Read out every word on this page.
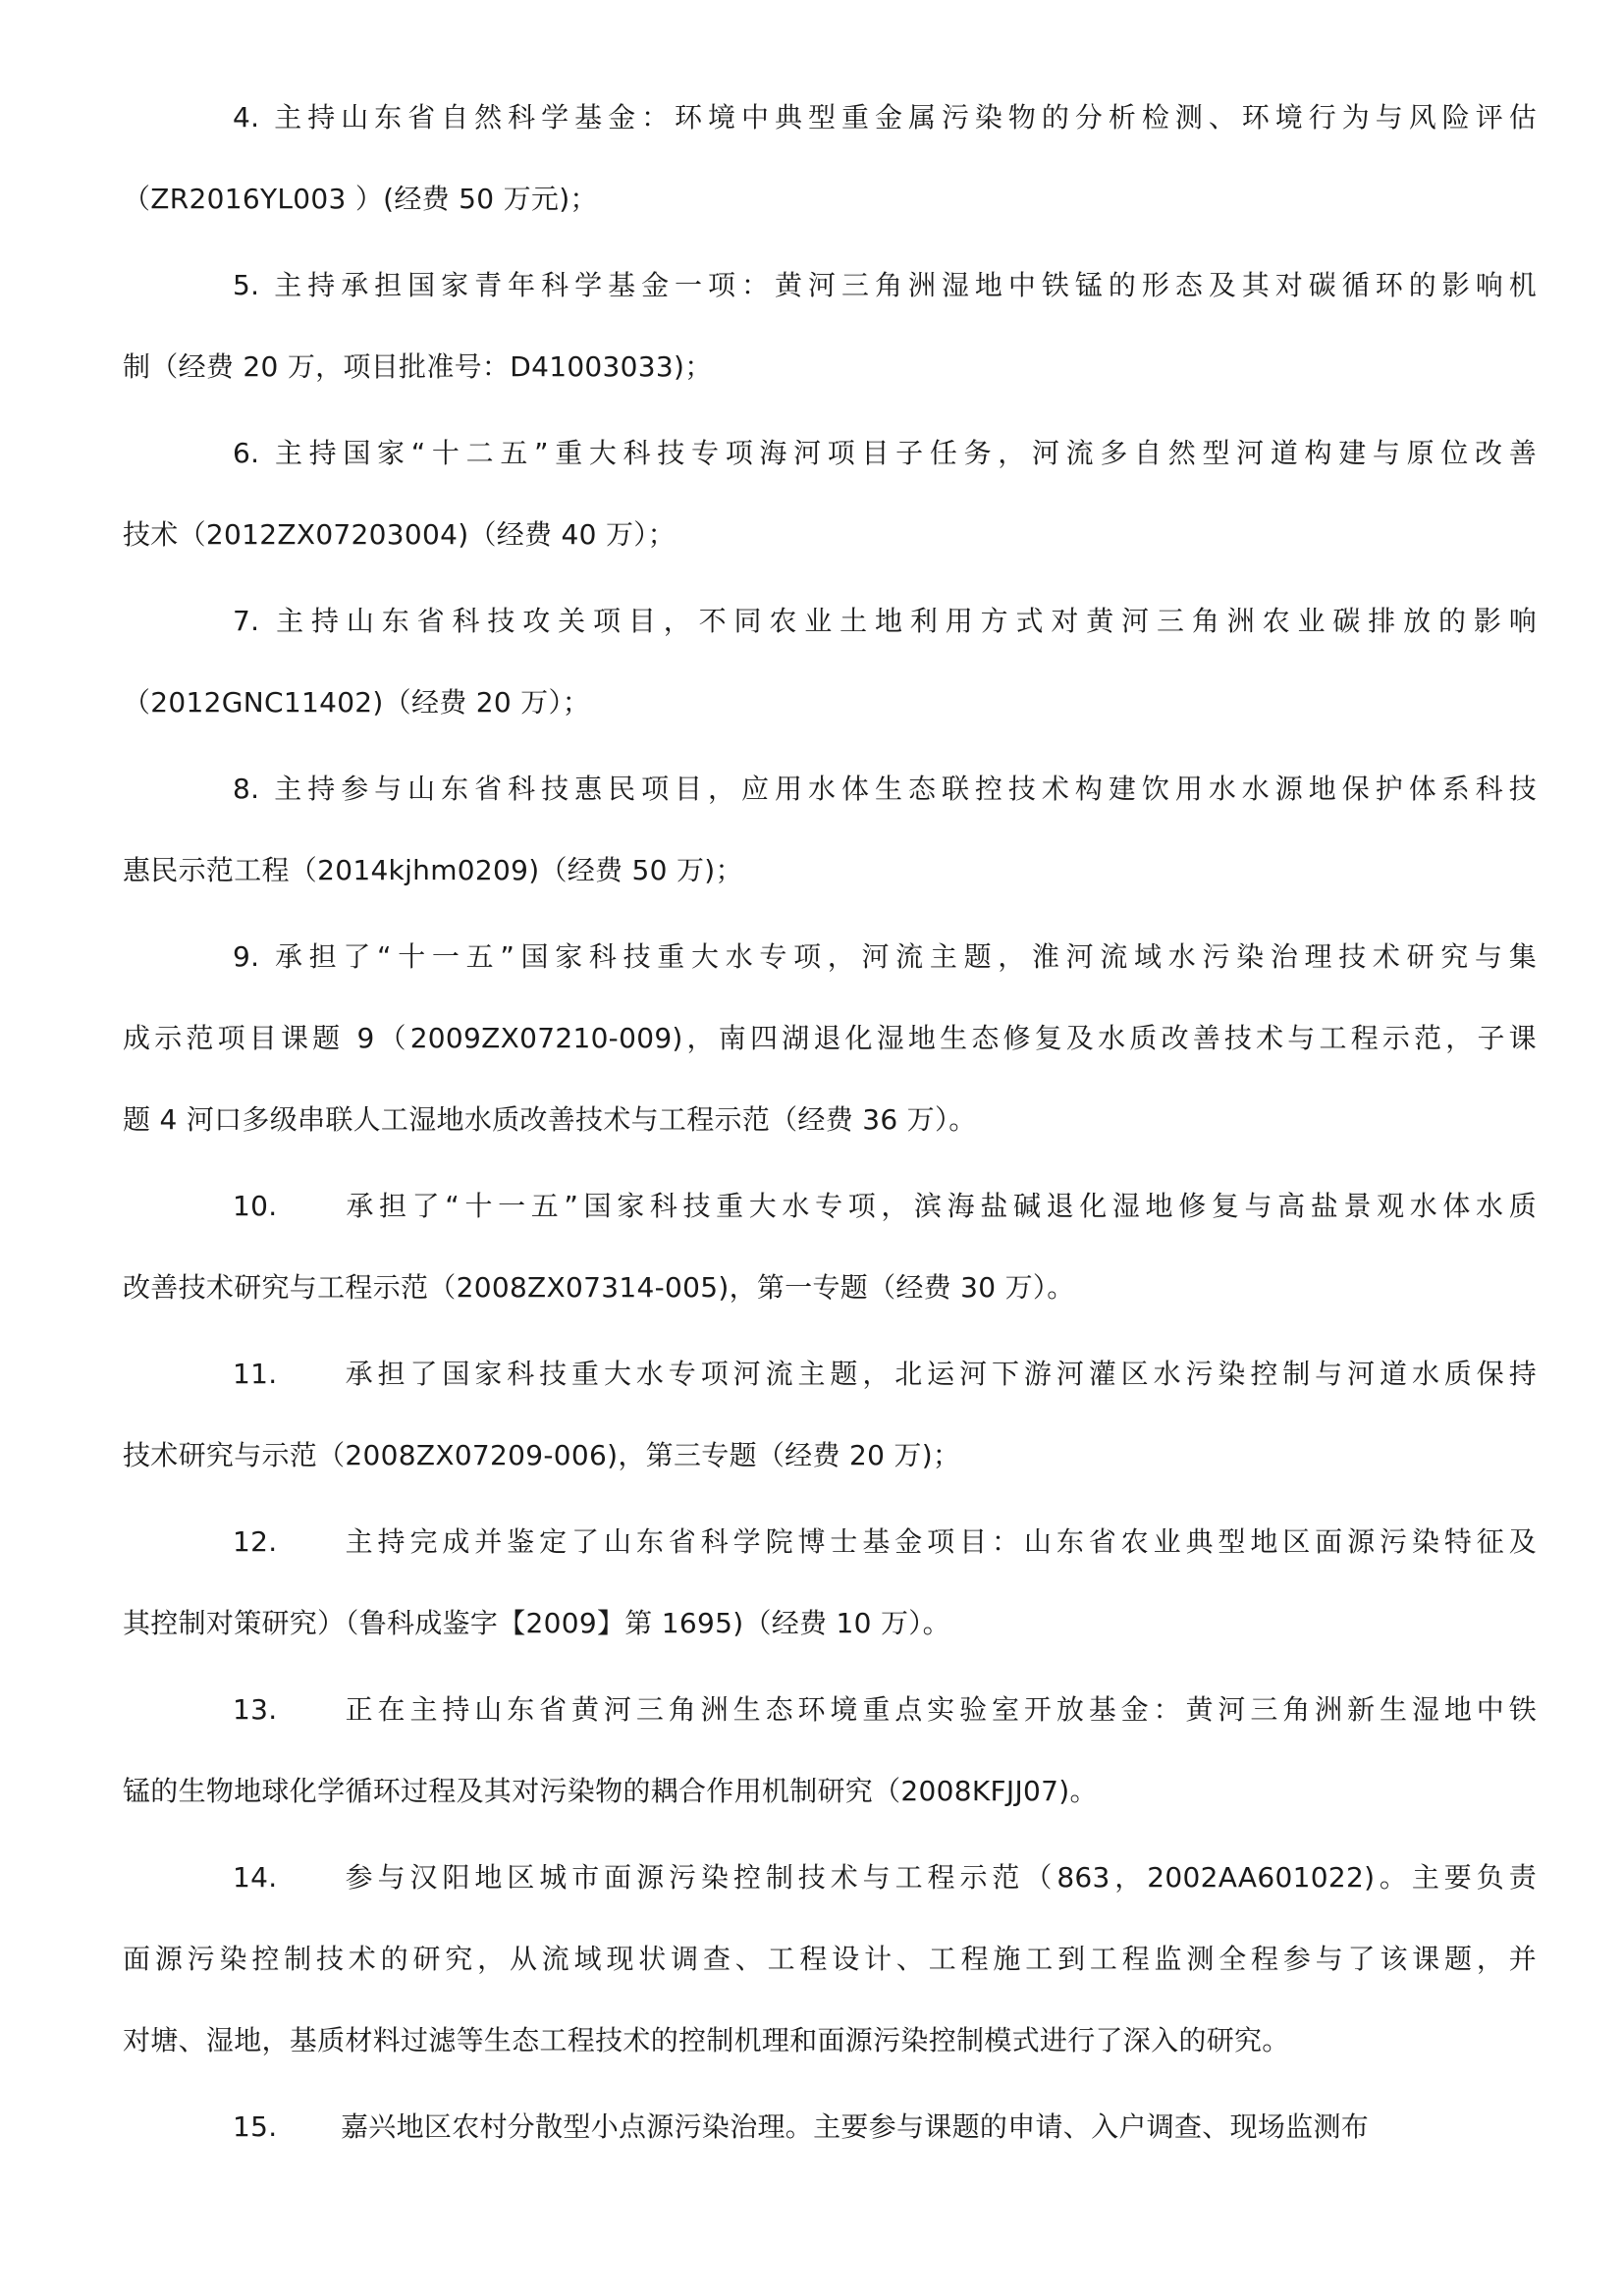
4. 主持山东省自然科学基金：环境中典型重金属污染物的分析检测、环境行为与风险评估
（ZR2016YL003 ）(经费 50 万元)；
5. 主持承担国家青年科学基金一项：黄河三角洲湿地中铁锰的形态及其对碳循环的影响机
制（经费 20 万，项目批准号：D41003033)；
6. 主持国家“十二五”重大科技专项海河项目子任务，河流多自然型河道构建与原位改善
技术（2012ZX07203004)（经费 40 万）；
7. 主持山东省科技攻关项目，不同农业土地利用方式对黄河三角洲农业碳排放的影响
（2012GNC11402)（经费 20 万）；
8. 主持参与山东省科技惠民项目，应用水体生态联控技术构建饮用水水源地保护体系科技
惠民示范工程（2014kjhm0209)（经费 50 万)；
9. 承担了“十一五”国家科技重大水专项，河流主题，淮河流域水污染治理技术研究与集
成示范项目课题 9（2009ZX07210-009)，南四湖退化湿地生态修复及水质改善技术与工程示范，子课
题 4 河口多级串联人工湿地水质改善技术与工程示范（经费 36 万）。
10. 承担了“十一五”国家科技重大水专项，滨海盐碱退化湿地修复与高盐景观水体水质
改善技术研究与工程示范（2008ZX07314-005)，第一专题（经费 30 万）。
11. 承担了国家科技重大水专项河流主题，北运河下游河灌区水污染控制与河道水质保持
技术研究与示范（2008ZX07209-006)，第三专题（经费 20 万)；
12. 主持完成并鉴定了山东省科学院博士基金项目：山东省农业典型地区面源污染特征及
其控制对策研究）（鲁科成鉴字【2009】第 1695)（经费 10 万）。
13. 正在主持山东省黄河三角洲生态环境重点实验室开放基金：黄河三角洲新生湿地中铁
锰的生物地球化学循环过程及其对污染物的耦合作用机制研究（2008KFJJ07)。
14. 参与汉阳地区城市面源污染控制技术与工程示范（863，2002AA601022)。主要负责
面源污染控制技术的研究，从流域现状调查、工程设计、工程施工到工程监测全程参与了该课题，并
对塘、湿地，基质材料过滤等生态工程技术的控制机理和面源污染控制模式进行了深入的研究。
15. 嘉兴地区农村分散型小点源污染治理。主要参与课题的申请、入户调查、现场监测布
